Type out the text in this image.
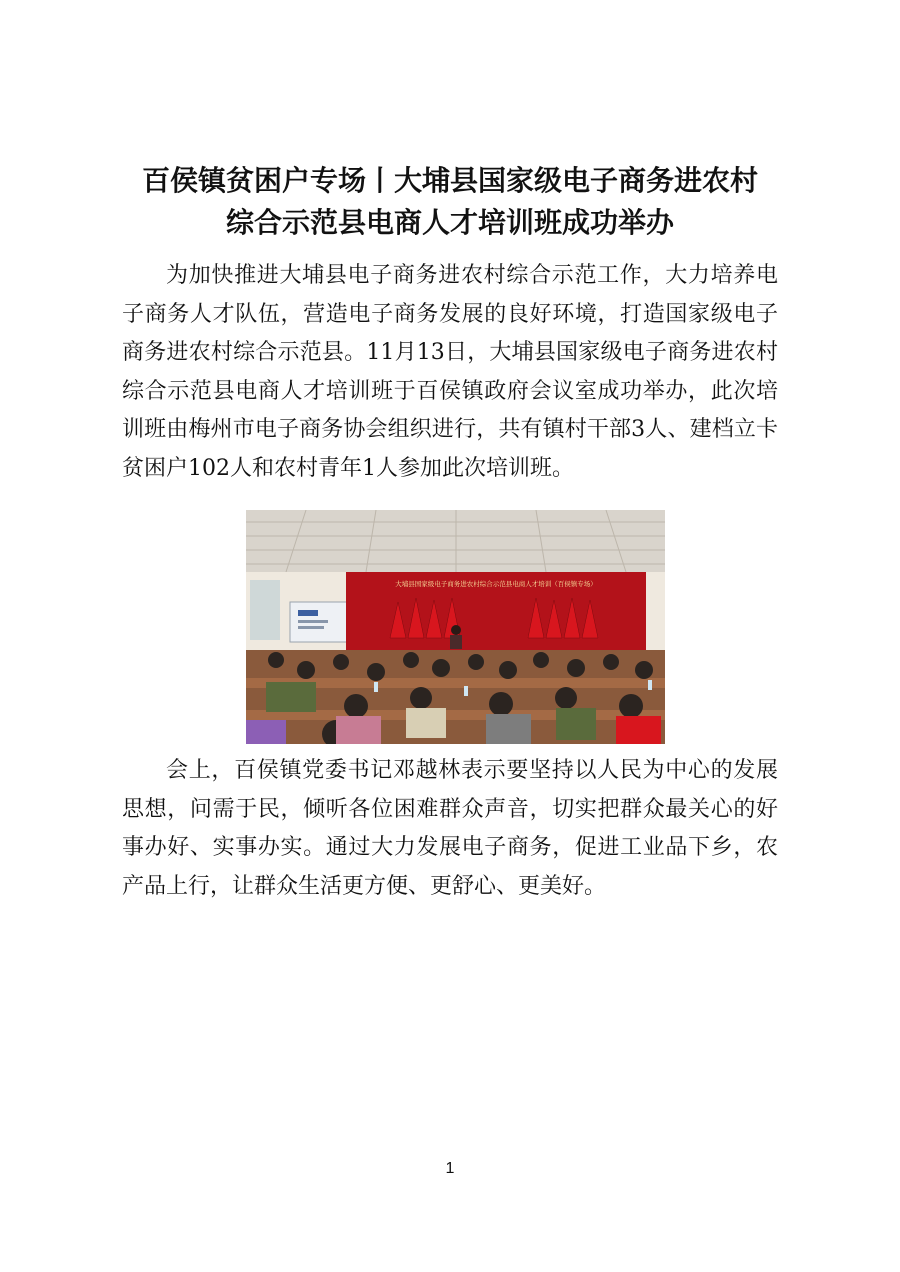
百侯镇贫困户专场丨大埔县国家级电子商务进农村
综合示范县电商人才培训班成功举办

为加快推进大埔县电子商务进农村综合示范工作，大力培养电子商务人才队伍，营造电子商务发展的良好环境，打造国家级电子商务进农村综合示范县。11月13日，大埔县国家级电子商务进农村综合示范县电商人才培训班于百侯镇政府会议室成功举办，此次培训班由梅州市电子商务协会组织进行，共有镇村干部3人、建档立卡贫困户102人和农村青年1人参加此次培训班。

大埔县国家级电子商务进农村综合示范县电商人才培训（百侯镇专场）

会上，百侯镇党委书记邓越林表示要坚持以人民为中心的发展思想，问需于民，倾听各位困难群众声音，切实把群众最关心的好事办好、实事办实。通过大力发展电子商务，促进工业品下乡，农产品上行，让群众生活更方便、更舒心、更美好。

1
